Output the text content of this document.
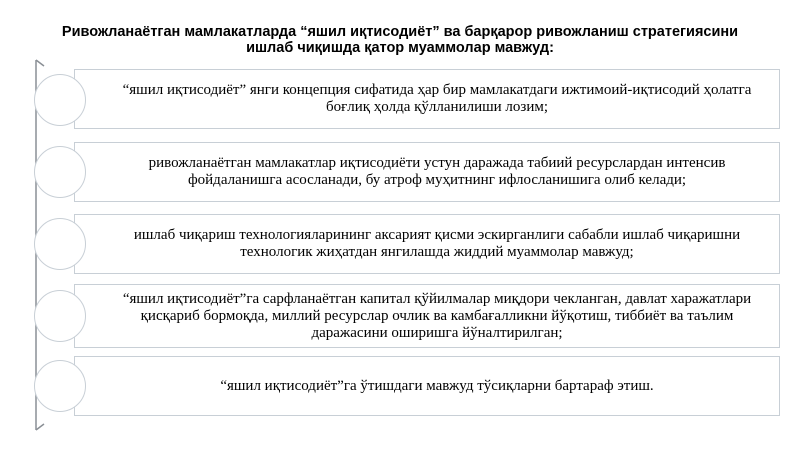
Ривожланаётган мамлакатларда “яшил иқтисодиёт” ва барқарор ривожланиш стратегиясини ишлаб чиқишда қатор муаммолар мавжуд:
“яшил иқтисодиёт” янги концепция сифатида ҳар бир мамлакатдаги ижтимоий-иқтисодий ҳолатга боғлиқ ҳолда қўлланилиши лозим;
ривожланаётган мамлакатлар иқтисодиёти устун даражада табиий ресурслардан интенсив фойдаланишга асосланади, бу атроф муҳитнинг ифлосланишига олиб келади;
ишлаб чиқариш технологияларининг аксарият қисми эскирганлиги сабабли ишлаб чиқаришни технологик жиҳатдан янгилашда жиддий муаммолар мавжуд;
“яшил иқтисодиёт”га сарфланаётган капитал қўйилмалар миқдори чекланган, давлат харажатлари қисқариб бормоқда, миллий ресурслар очлик ва камбағалликни йўқотиш, тиббиёт ва таълим даражасини оширишга йўналтирилган;
“яшил иқтисодиёт”га ўтишдаги мавжуд тўсиқларни бартараф этиш.
